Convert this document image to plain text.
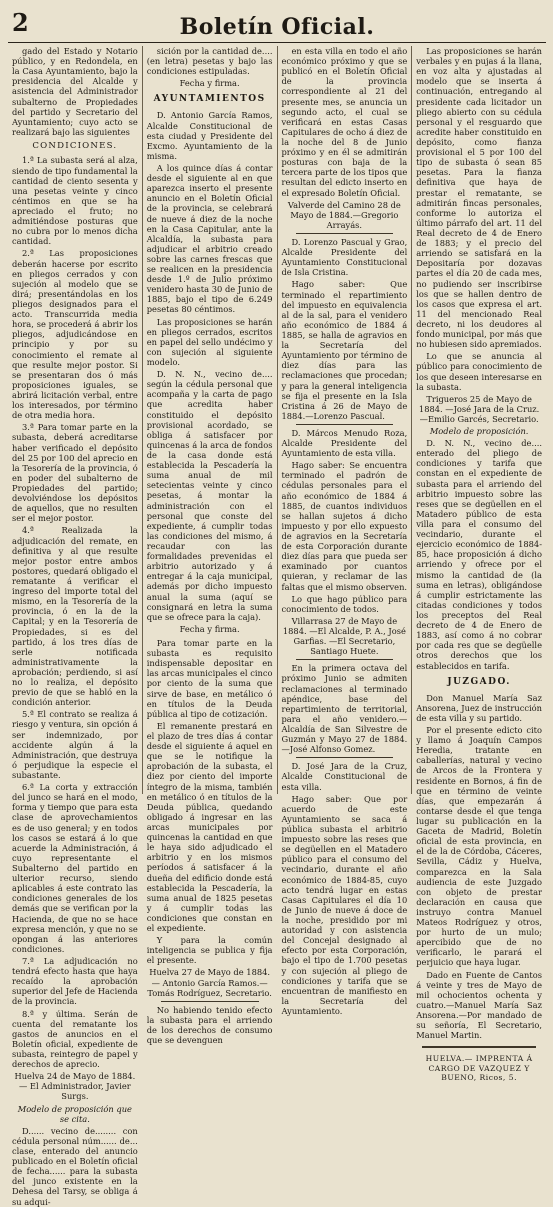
2	Boletín Oficial.

gado del Estado y Notario público, y en Redondela, en la Casa Ayuntamiento, bajo la presidencia del Alcalde y asistencia del Administrador subalterno de Propiedades del partido y Secretario del Ayuntamiento; cuyo acto se realizará bajo las siguientes

CONDICIONES.

1.ª La subasta será al alza, siendo de tipo fundamental la cantidad de ciento sesenta y una pesetas veinte y cinco céntimos en que se ha apreciado el fruto; no admitiéndose posturas que no cubra por lo menos dicha cantidad.

2.ª Las proposiciones deberán hacerse por escrito en pliegos cerrados y con sujeción al modelo que se dirá; presentándolas en los pliegos designados para el acto. Transcurrida media hora, se procederá á abrir los pliegos, adjudicándose en principio y por su conocimiento el remate al que resulte mejor postor. Si se presentaran dos ó más proposiciones iguales, se abrirá licitación verbal, entre los interesados, por término de otra media hora.

3.ª Para tomar parte en la subasta, deberá acreditarse haber verificado el depósito del 25 por 100 del aprecio en la Tesorería de la provincia, ó en poder del subalterno de Propiedades del partido; devolviéndose los depósitos de aquellos, que no resulten ser el mejor postor.

4.ª Realizada la adjudicación del remate, en definitiva y al que resulte mejor postor entre ambos postores, quedará obligado el rematante á verificar el ingreso del importe total del mismo, en la Tesorería de la provincia, ó en la de la Capital; y en la Tesorería de Propiedades, si es del partido, á los tres días de serle notificada administrativamente la aprobación; perdiendo, si así no lo realiza, el depósito previo de que se habló en la condición anterior.

5.ª El contrato se realiza á riesgo y ventura, sin opción á ser indemnizado, por accidente algún á la Administración, que destruya ó perjudique la especie el subastante.

6.ª La corta y extracción del junco se hará en el modo, forma y tiempo que para esta clase de aprovechamientos es de uso general; y en todos los casos se estará á lo que acuerde la Administración, á cuyo representante el Subalterno del partido en ulterior recurso, siendo aplicables á este contrato las condiciones generales de los demás que se verifican por la Hacienda, de que no se hace expresa mención, y que no se opongan á las anteriores condiciones.

7.ª La adjudicación no tendrá efecto hasta que haya recaído la aprobación superior del Jefe de Hacienda de la provincia.

8.ª y última. Serán de cuenta del rematante los gastos de anuncios en el Boletín oficial, expediente de subasta, reintegro de papel y derechos de aprecio.

Huelva 24 de Mayo de 1884.— El Administrador, Javier Surgs.
Modelo de proposición que se cita.

D...... vecino de........ con cédula personal núm...... de... clase, enterado del anuncio publicado en el Boletín oficial de fecha...... para la subasta del junco existente en la Dehesa del Tarsy, se obliga á su adqui-

sición por la cantidad de.... (en letra) pesetas y bajo las condiciones estipuladas.

Fecha y firma.
AYUNTAMIENTOS

D. Antonio García Ramos, Alcalde Constitucional de esta ciudad y Presidente del Excmo. Ayuntamiento de la misma.

A los quince días á contar desde el siguiente al en que aparezca inserto el presente anuncio en el Boletín Oficial de la provincia, se celebrará de nueve á diez de la noche en la Casa Capitular, ante la Alcaldía, la subasta para adjudicar el arbitrio creado sobre las carnes frescas que se realicen en la presidencia desde 1.º de Julio próximo venidero hasta 30 de Junio de 1885, bajo el tipo de 6.249 pesetas 80 céntimos.

Las proposiciones se harán en pliegos cerrados, escritos en papel del sello undécimo y con sujeción al siguiente modelo.

D. N. N., vecino de.... según la cédula personal que acompaña y la carta de pago que acredita haber constituido el depósito provisional acordado, se obliga á satisfacer por quincenas á la arca de fondos de la casa donde está establecida la Pescadería la suma anual de mil setecientas veinte y cinco pesetas, á montar la administración con el personal que conste del expediente, á cumplir todas las condiciones del mismo, á recaudar con las formalidades prevenidas el arbitrio autorizado y á entregar á la caja municipal, además por dicho impuesto anual la suma (aquí se consignará en letra la suma que se ofrece para la caja).

Fecha y firma.

Para tomar parte en la subasta es requisito indispensable depositar en las arcas municipales el cinco por ciento de la suma que sirve de base, en metálico ó en títulos de la Deuda pública al tipo de cotización.

El remanente prestará en el plazo de tres días á contar desde el siguiente á aquel en que se le notifique la aprobación de la subasta, el diez por ciento del importe íntegro de la misma, también en metálico ó en títulos de la Deuda pública, quedando obligado á ingresar en las arcas municipales por quincenas la cantidad en que le haya sido adjudicado el arbitrio y en los mismos períodos á satisfacer á la dueña del edificio donde está establecida la Pescadería, la suma anual de 1825 pesetas y á cumplir todas las condiciones que constan en el expediente.

Y para la común inteligencia se publica y fija el presente.

Huelva 27 de Mayo de 1884.— Antonio García Ramos.—Tomás Rodríguez, Secretario.

No habiendo tenido efecto la subasta para el arriendo de los derechos de consumo que se devenguen

en esta villa en todo el año económico próximo y que se publicó en el Boletín Oficial de la provincia correspondiente al 21 del presente mes, se anuncia un segundo acto, el cual se verificará en estas Casas Capitulares de ocho á diez de la noche del 8 de Junio próximo y en él se admitirán posturas con baja de la tercera parte de los tipos que resultan del edicto inserto en el expresado Boletín Oficial.

Valverde del Camino 28 de Mayo de 1884.—Gregorio Arrayás.

D. Lorenzo Pascual y Grao, Alcalde Presidente del Ayuntamiento Constitucional de Isla Cristina.

Hago saber: Que terminado el repartimiento del impuesto en equivalencia al de la sal, para el venidero año económico de 1884 á 1885, se halla de agravios en la Secretaría del Ayuntamiento por término de diez días para las reclamaciones que procedan; y para la general inteligencia se fija el presente en la Isla Cristina á 26 de Mayo de 1884.—Lorenzo Pascual.

D. Márcos Menudo Roza, Alcalde Presidente del Ayuntamiento de esta villa.

Hago saber: Se encuentra terminado el padrón de cédulas personales para el año económico de 1884 á 1885, de cuantos individuos se hallan sujetos á dicho impuesto y por ello expuesto de agravios en la Secretaría de esta Corporación durante diez días para que pueda ser examinado por cuantos quieran, y reclamar de las faltas que el mismo observen.

Lo que hago público para conocimiento de todos.

Villarrasa 27 de Mayo de 1884. —El Alcalde, P. A., José Garfias. —El Secretario, Santiago Huete.

En la primera octava del próximo Junio se admiten reclamaciones al terminado apéndice, base del repartimiento de territorial, para el año venidero.—Alcaldía de San Silvestre de Guzmán y Mayo 27 de 1884.—José Alfonso Gomez.

D. José Jara de la Cruz, Alcalde Constitucional de esta villa.

Hago saber: Que por acuerdo de este Ayuntamiento se saca á pública subasta el arbitrio impuesto sobre las reses que se degüellen en el Matadero público para el consumo del vecindario, durante el año económico de 1884-85, cuyo acto tendrá lugar en estas Casas Capitulares el día 10 de Junio de nueve á doce de la noche, presidido por mi autoridad y con asistencia del Concejal designado al efecto por esta Corporación, bajo el tipo de 1.700 pesetas y con sujeción al pliego de condiciones y tarifa que se encuentran de manifiesto en la Secretaría del Ayuntamiento.

Las proposiciones se harán verbales y en pujas á la llana, en voz alta y ajustadas al modelo que se inserta á continuación, entregando al presidente cada licitador un pliego abierto con su cédula personal y el resguardo que acredite haber constituido en depósito, como fianza provisional el 5 por 100 del tipo de subasta ó sean 85 pesetas. Para la fianza definitiva que haya de prestar el rematante, se admitirán fincas personales, conforme lo autoriza el último párrafo del art. 11 del Real decreto de 4 de Enero de 1883; y el precio del arriendo se satisfará en la Depositaría por dozavas partes el día 20 de cada mes, no pudiendo ser inscribirse los que se hallen dentro de los casos que expresa el art. 11 del mencionado Real decreto, ni los deudores al fondo municipal, por más que no hubiesen sido apremiados.

Lo que se anuncia al público para conocimiento de los que deseen interesarse en la subasta.

Trigueros 25 de Mayo de 1884. —José Jara de la Cruz.—Emilio Garcés, Secretario.
Modelo de proposición.

D. N. N., vecino de.... enterado del pliego de condiciones y tarifa que constan en el expediente de subasta para el arriendo del arbitrio impuesto sobre las reses que se degüellen en el Matadero público de esta villa para el consumo del vecindario, durante el ejercicio económico de 1884-85, hace proposición á dicho arriendo y ofrece por el mismo la cantidad de (la suma en letras), obligándose á cumplir estrictamente las citadas condiciones y todos los preceptos del Real decreto de 4 de Enero de 1883, así como á no cobrar por cada res que se degüelle otros derechos que los establecidos en tarifa.

JUZGADO.

Don Manuel María Saz Ansorena, Juez de instrucción de esta villa y su partido.

Por el presente edicto cito y llamo á Joaquín Campos Heredia, tratante en caballerías, natural y vecino de Arcos de la Frontera y residente en Bornos, á fin de que en término de veinte días, que empezarán á contarse desde el que tenga lugar su publicación en la Gaceta de Madrid, Boletín oficial de esta provincia, en el de la de Córdoba, Cáceres, Sevilla, Cádiz y Huelva, comparezca en la Sala audiencia de este Juzgado con objeto de prestar declaración en causa que instruyo contra Manuel Mateos Rodríguez y otros, por hurto de un mulo; apercibido que de no verificarlo, le parará el perjuicio que haya lugar.

Dado en Fuente de Cantos á veinte y tres de Mayo de mil ochocientos ochenta y cuatro.—Manuel María Saz Ansorena.—Por mandado de su señoría, El Secretario, Manuel Martin.

HUELVA.— IMPRENTA Á CARGO DE VAZQUEZ Y BUENO, Ricos, 5.
